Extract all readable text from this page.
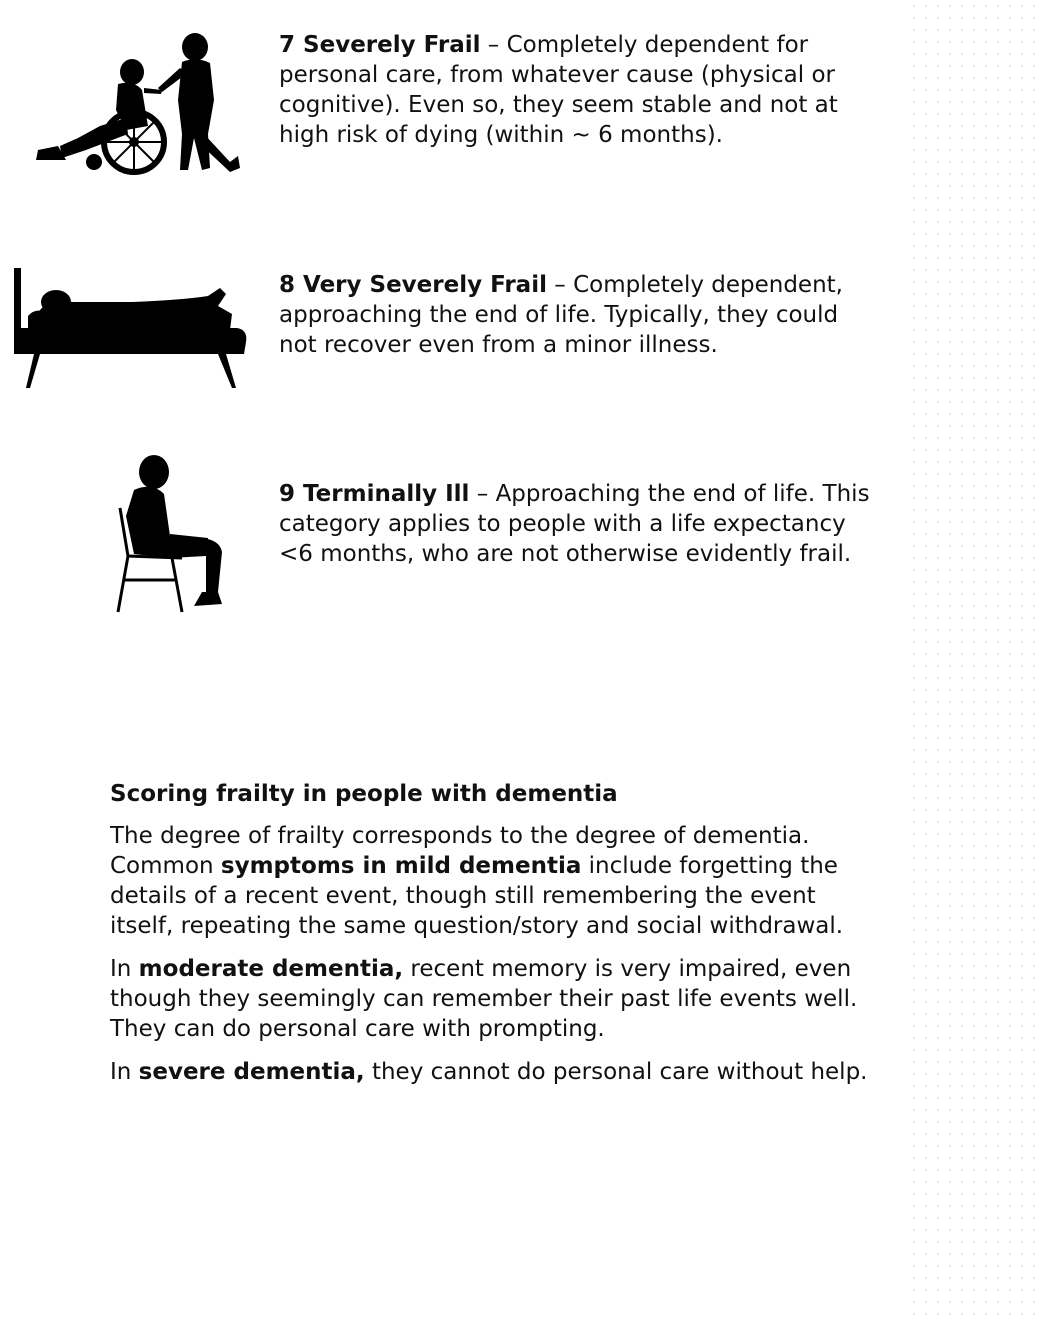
7 Severely Frail – Completely dependent for personal care, from whatever cause (physical or cognitive). Even so, they seem stable and not at high risk of dying (within ~ 6 months).
8 Very Severely Frail – Completely dependent, approaching the end of life. Typically, they could not recover even from a minor illness.
9 Terminally Ill – Approaching the end of life. This category applies to people with a life expectancy <6 months, who are not otherwise evidently frail.
Scoring frailty in people with dementia

The degree of frailty corresponds to the degree of dementia. Common symptoms in mild dementia include forgetting the details of a recent event, though still remembering the event itself, repeating the same question/story and social withdrawal.

In moderate dementia, recent memory is very impaired, even though they seemingly can remember their past life events well. They can do personal care with prompting.

In severe dementia, they cannot do personal care without help.
